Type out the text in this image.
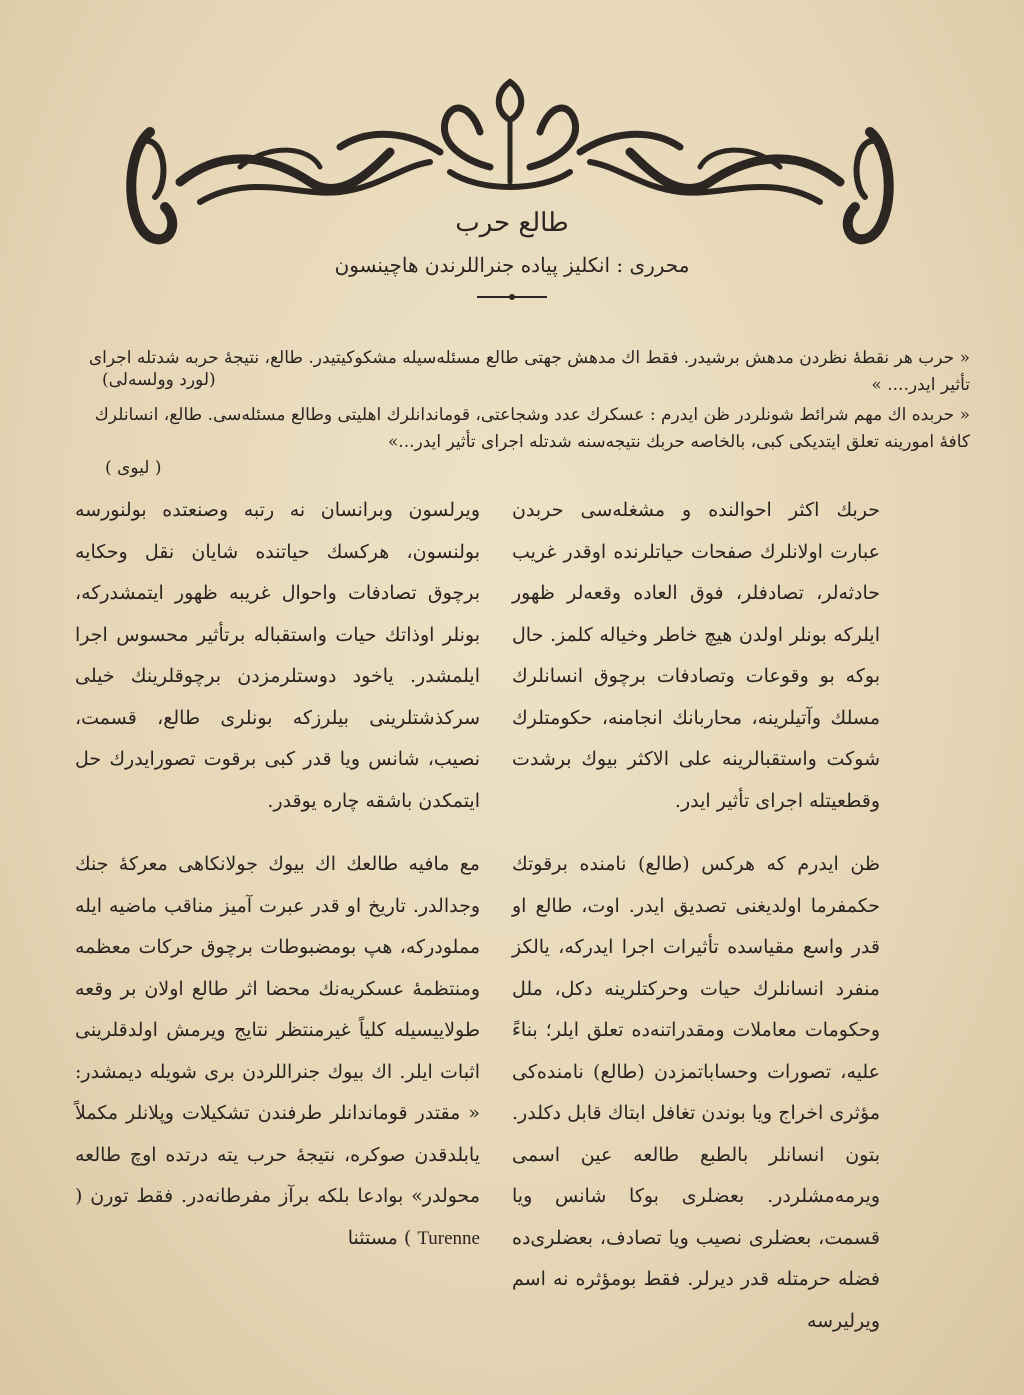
طالع حرب
محرری : انكليز پياده جنراللرندن هاچينسون
« حرب هر نقطهٔ نظردن مدهش برشيدر. فقط اك مدهش جهتی طالع مسئله‌سيله مشكوكيتيدر. طالع، نتيجهٔ حربه شدتله اجرای تأثير ايدر.... »
(لورد وولسه‌لی)
« حربده اك مهم شرائط شونلردر ظن ايدرم : عسكرك عدد وشجاعتی، قوماندانلرك اهليتی وطالع مسئله‌سی. طالع، انسانلرك كافهٔ امورينه تعلق ايتديكی كبی، بالخاصه حربك نتيجه‌سنه شدتله اجرای تأثير ايدر...»
( ليوی )

حربك اكثر احوالنده و مشغله‌سی حربدن عبارت اولانلرك صفحات حياتلرنده اوقدر غريب حادثه‌لر، تصادفلر، فوق العاده وقعه‌لر ظهور ايلركه بونلر اولدن هيچ خاطر وخياله كلمز. حال بوكه بو وقوعات وتصادفات برچوق انسانلرك مسلك وآتيلرينه، محاربانك انجامنه، حكومتلرك شوكت واستقبالرينه على الاكثر بيوك برشدت وقطعيتله اجرای تأثير ايدر.

ظن ايدرم كه هركس (طالع) نامنده برقوتك حكمفرما اولديغنی تصديق ايدر. اوت، طالع او قدر واسع مقياسده تأثيرات اجرا ايدركه، يالكز منفرد انسانلرك حيات وحركتلرينه دكل، ملل وحكومات معاملات ومقدراتنه‌ده تعلق ايلر؛ بناءً عليه، تصورات وحساباتمزدن (طالع) نامنده‌كی مؤثری اخراج ويا بوندن تغافل ابتاك قابل دكلدر. بتون انسانلر بالطبع طالعه عين اسمی ويرمه‌مشلردر. بعضلری بوكا شانس ويا قسمت، بعضلری نصيب ويا تصادف، بعضلری‌ده فضله حرمتله قدر ديرلر. فقط بومؤثره نه اسم ويرلير‌سه

ويرلسون وبرانسان نه رتبه وصنعتده بولنورسه بولنسون، هركسك حياتنده شايان نقل وحكايه برچوق تصادفات واحوال غريبه ظهور ايتمشدركه، بونلر اوذاتك حيات واستقباله برتأثير محسوس اجرا ايلمشدر. ياخود دوستلرمزدن برچوقلرينك خيلی سركذشتلرينی بيلرزكه بونلری طالع، قسمت، نصيب، شانس ويا قدر كبی برقوت تصورايدرك حل ايتمكدن باشقه چاره يوقدر.

مع مافيه طالعك اك بيوك جولانكاهی معركهٔ جنك وجدالدر. تاريخ او قدر عبرت آميز مناقب ماضيه ايله مملودركه، هپ بومضبوطات برچوق حركات معظمه ومنتظمهٔ عسكريه‌نك محضا اثر طالع اولان بر وقعه طولاييسيله كلياً غيرمنتظر نتايج ويرمش اولدقلرينی اثبات ايلر. اك بيوك جنراللردن بری شويله ديمشدر: « مقتدر قوماندانلر طرفندن تشكيلات وپلانلر مكملاً يابلدقدن صوكره، نتيجهٔ حرب يته درتده اوچ طالعه محولدر» بوادعا بلكه برآز مفرطانه‌در. فقط تورن ( Turenne ) مستثنا
